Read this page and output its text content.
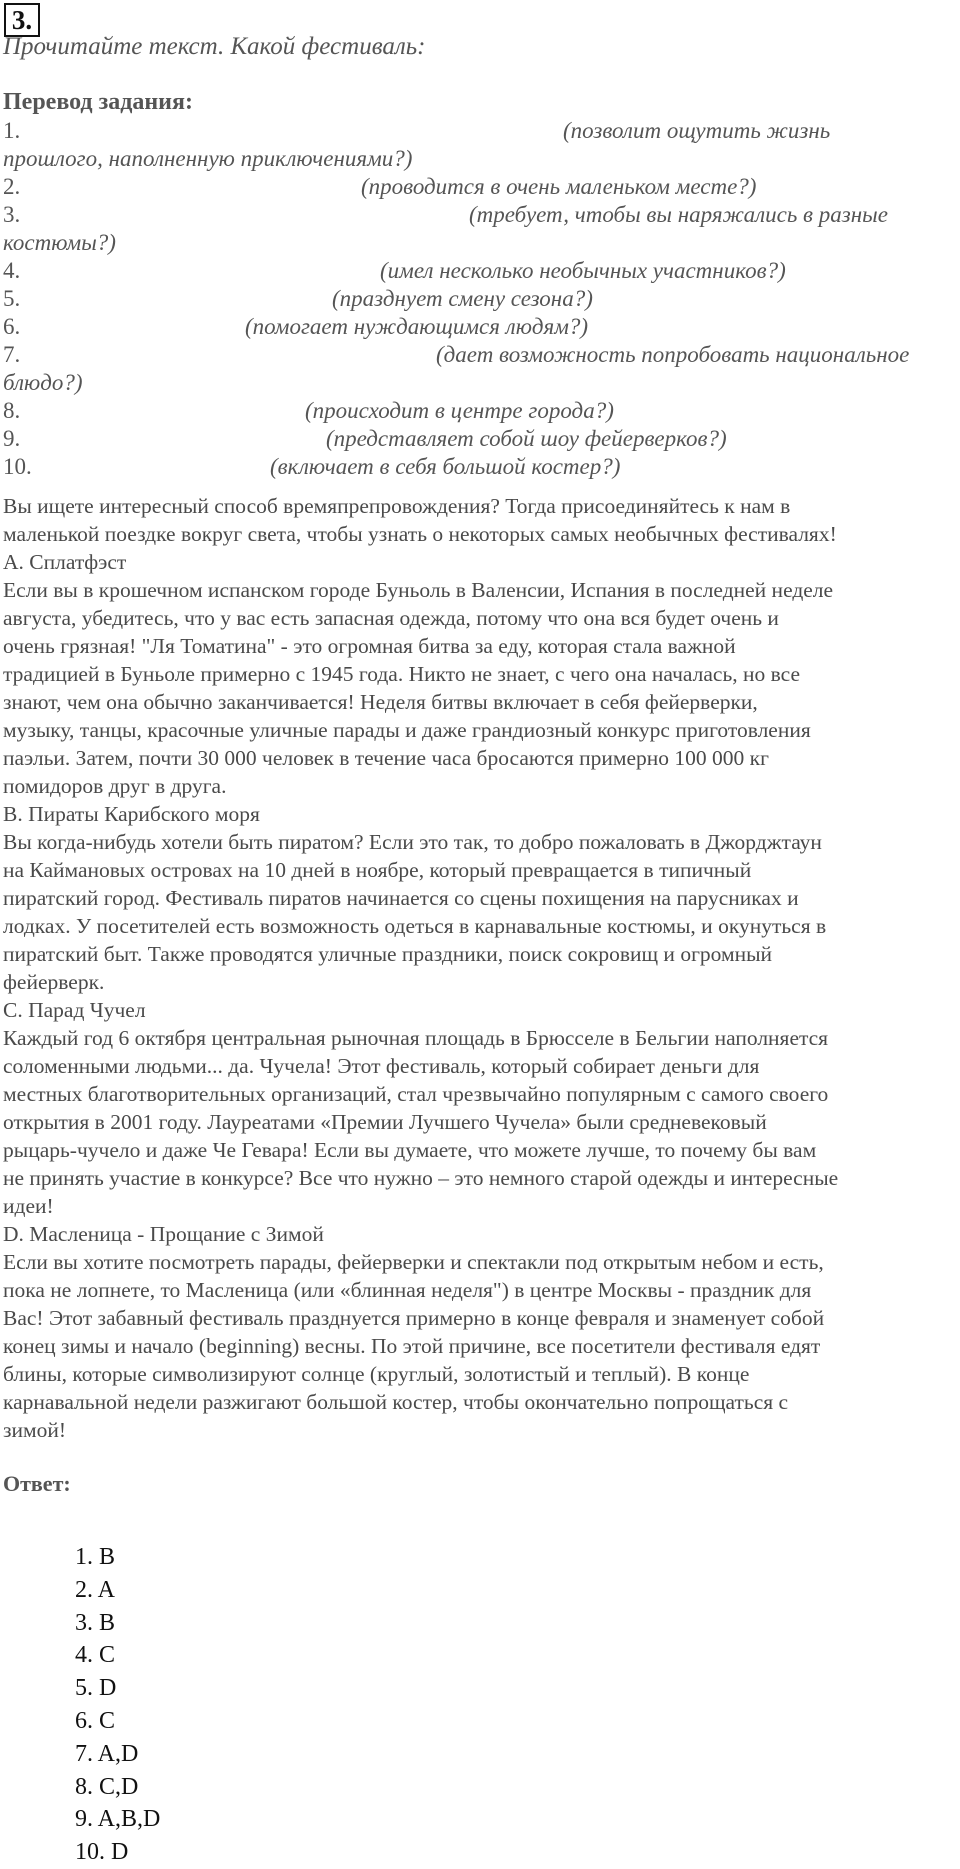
3.
Прочитайте текст. Какой фестиваль:
Перевод задания:
1.	(позволит ощутить жизнь
прошлого, наполненную приключениями?)
2.	(проводится в очень маленьком месте?)
3.	(требует, чтобы вы наряжались в разные
костюмы?)
4.	(имел несколько необычных участников?)
5.	(празднует смену сезона?)
6.	(помогает нуждающимся людям?)
7.	(дает возможность попробовать национальное
блюдо?)
8.	(происходит в центре города?)
9.	(представляет собой шоу фейерверков?)
10.	(включает в себя большой костер?)
Вы ищете интересный способ времяпрепровождения? Тогда присоединяйтесь к нам в
маленькой поездке вокруг света, чтобы узнать о некоторых самых необычных фестивалях!
A. Сплатфэст
Если вы в крошечном испанском городе Буньоль в Валенсии, Испания в последней неделе
августа, убедитесь, что у вас есть запасная одежда, потому что она вся будет очень и
очень грязная! "Ля Томатина" - это огромная битва за еду, которая стала важной
традицией в Буньоле примерно с 1945 года. Никто не знает, с чего она началась, но все
знают, чем она обычно заканчивается! Неделя битвы включает в себя фейерверки,
музыку, танцы, красочные уличные парады и даже грандиозный конкурс приготовления
паэльи. Затем, почти 30 000 человек в течение часа бросаются примерно 100 000 кг
помидоров друг в друга.
B. Пираты Карибского моря
Вы когда-нибудь хотели быть пиратом? Если это так, то добро пожаловать в Джорджтаун
на Каймановых островах на 10 дней в ноябре, который превращается в типичный
пиратский город. Фестиваль пиратов начинается со сцены похищения на парусниках и
лодках. У посетителей есть возможность одеться в карнавальные костюмы, и окунуться в
пиратский быт. Также проводятся уличные праздники, поиск сокровищ и огромный
фейерверк.
C. Парад Чучел
Каждый год 6 октября центральная рыночная площадь в Брюсселе в Бельгии наполняется
соломенными людьми... да. Чучела! Этот фестиваль, который собирает деньги для
местных благотворительных организаций, стал чрезвычайно популярным с самого своего
открытия в 2001 году. Лауреатами «Премии Лучшего Чучела» были средневековый
рыцарь-чучело и даже Че Гевара! Если вы думаете, что можете лучше, то почему бы вам
не принять участие в конкурсе? Все что нужно – это немного старой одежды и интересные
идеи!
D. Масленица - Прощание с Зимой
Если вы хотите посмотреть парады, фейерверки и спектакли под открытым небом и есть,
пока не лопнете, то Масленица (или «блинная неделя") в центре Москвы - праздник для
Вас! Этот забавный фестиваль празднуется примерно в конце февраля и знаменует собой
конец зимы и начало (beginning) весны. По этой причине, все посетители фестиваля едят
блины, которые символизируют солнце (круглый, золотистый и теплый). В конце
карнавальной недели разжигают большой костер, чтобы окончательно попрощаться с
зимой!
Ответ:
1. B
2. A
3. B
4. C
5. D
6. C
7. A,D
8. C,D
9. A,B,D
10. D
